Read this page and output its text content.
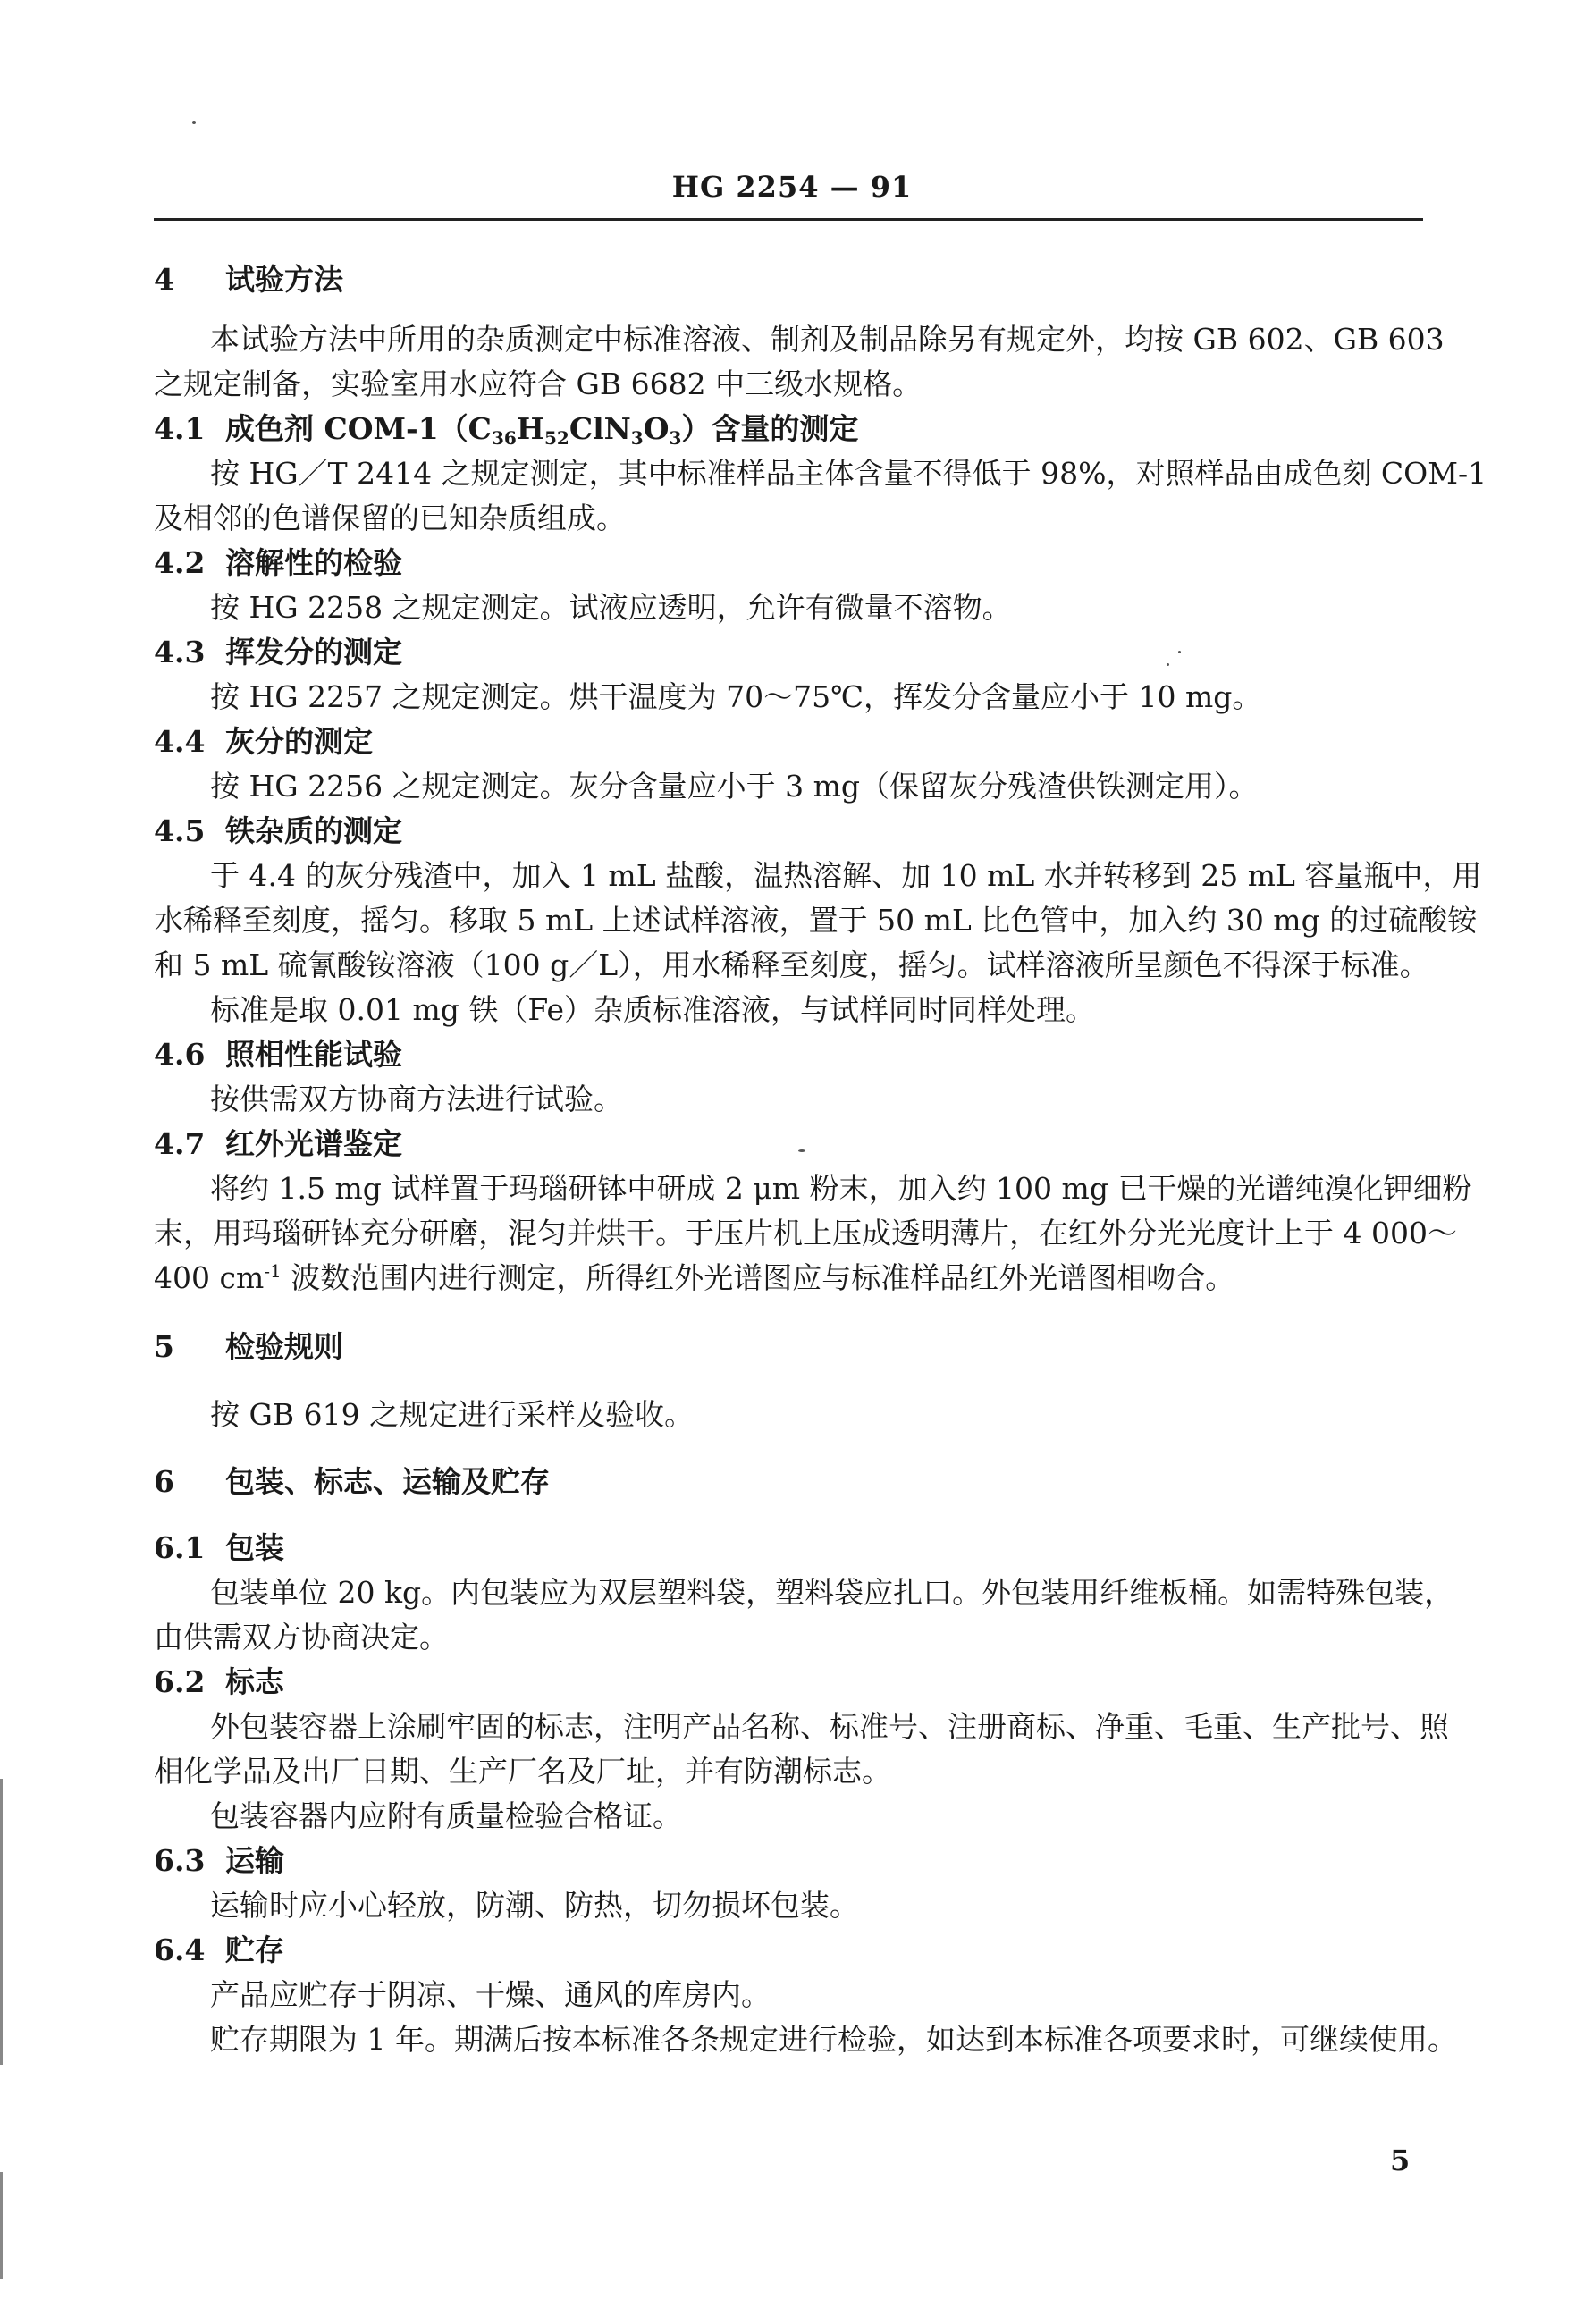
HG 2254 — 91
4 试验方法
本试验方法中所用的杂质测定中标准溶液、制剂及制品除另有规定外，均按 GB 602、GB 603
之规定制备，实验室用水应符合 GB 6682 中三级水规格。
4.1 成色剂 COM-$1(C_{36}H_{52}ClN_3O_3)$含量的测定
按 HG／T 2414 之规定测定，其中标准样品主体含量不得低于 98%，对照样品由成色刻 COM-1
及相邻的色谱保留的已知杂质组成。
4.2 溶解性的检验
按 HG 2258 之规定测定。试液应透明，允许有微量不溶物。
4.3 挥发分的测定
按 HG 2257 之规定测定。烘干温度为 70～75℃，挥发分含量应小于 10 mg。
4.4 灰分的测定
按 HG 2256 之规定测定。灰分含量应小于 3 mg（保留灰分残渣供铁测定用）。
4.5 铁杂质的测定
于 4.4 的灰分残渣中，加入 1 mL 盐酸，温热溶解、加 10 mL 水并转移到 25 mL 容量瓶中，用
水稀释至刻度，摇匀。移取 5 mL 上述试样溶液，置于 50 mL 比色管中，加入约 30 mg 的过硫酸铵
和 5 mL 硫氰酸铵溶液（100 g／L），用水稀释至刻度，摇匀。试样溶液所呈颜色不得深于标准。
标准是取 0.01 mg 铁（Fe）杂质标准溶液，与试样同时同样处理。
4.6 照相性能试验
按供需双方协商方法进行试验。
4.7 红外光谱鉴定
将约 1.5 mg 试样置于玛瑙研钵中研成 2 μm 粉末，加入约 100 mg 已干燥的光谱纯溴化钾细粉
末，用玛瑙研钵充分研磨，混匀并烘干。于压片机上压成透明薄片，在红外分光光度计上于 4 000～
400 $cm^{-1}$ 波数范围内进行测定，所得红外光谱图应与标准样品红外光谱图相吻合。
5 检验规则
按 GB 619 之规定进行采样及验收。
6 包装、标志、运输及贮存
6.1 包装
包装单位 20 kg。内包装应为双层塑料袋，塑料袋应扎口。外包装用纤维板桶。如需特殊包装，
由供需双方协商决定。
6.2 标志
外包装容器上涂刷牢固的标志，注明产品名称、标准号、注册商标、净重、毛重、生产批号、照
相化学品及出厂日期、生产厂名及厂址，并有防潮标志。
包装容器内应附有质量检验合格证。
6.3 运输
运输时应小心轻放，防潮、防热，切勿损坏包装。
6.4 贮存
产品应贮存于阴凉、干燥、通风的库房内。
贮存期限为 1 年。期满后按本标准各条规定进行检验，如达到本标准各项要求时，可继续使用。
5
